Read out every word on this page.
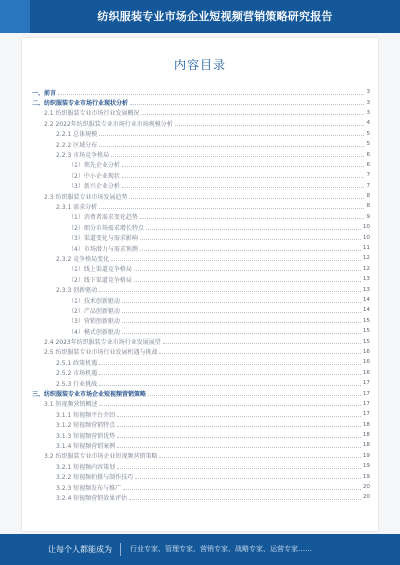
纺织服装专业市场企业短视频营销策略研究报告
内容目录
一、前言	3
二、纺织服装专业市场行业现状分析	3
2.1 纺织服装专业市场行业发展概况	3
2.2 2022年纺织服装专业市场行业市场规模分析	4
2.2.1 总体规模	5
2.2.2 区域分布	5
2.2.3 市场竞争格局	6
（1）领先企业分析	6
（2）中小企业现状	7
（3）新兴企业分析	7
2.3 纺织服装专业市场发展趋势	8
2.3.1 需求分析	8
（1）消费者需求变化趋势	9
（2）细分市场需求增长特点	10
（3）渠道变化与需求影响	10
（4）市场潜力与需求预测	11
2.3.2 竞争格局变化	12
（1）线上渠道竞争格局	12
（2）线下渠道竞争格局	13
2.3.3 创新驱动	13
（1）技术创新驱动	14
（2）产品创新驱动	14
（3）营销创新驱动	15
（4）模式创新驱动	15
2.4 2023年纺织服装专业市场行业发展展望	15
2.5 纺织服装专业市场行业发展机遇与挑战	16
2.5.1 政策机遇	16
2.5.2 市场机遇	16
2.5.3 行业挑战	17
三、纺织服装专业市场企业短视频营销策略	17
3.1 短视频营销概述	17
3.1.1 短视频平台介绍	17
3.1.2 短视频营销特点	18
3.1.3 短视频营销优势	18
3.1.4 短视频营销案例	18
3.2 纺织服装专业市场企业短视频营销策略	19
3.2.1 短视频内容策划	19
3.2.2 短视频拍摄与制作技巧	19
3.2.3 短视频发布与推广	20
3.2.4 短视频营销效果评估	20
让每个人都能成为	行业专家、管理专家、营销专家、战略专家、运营专家……
